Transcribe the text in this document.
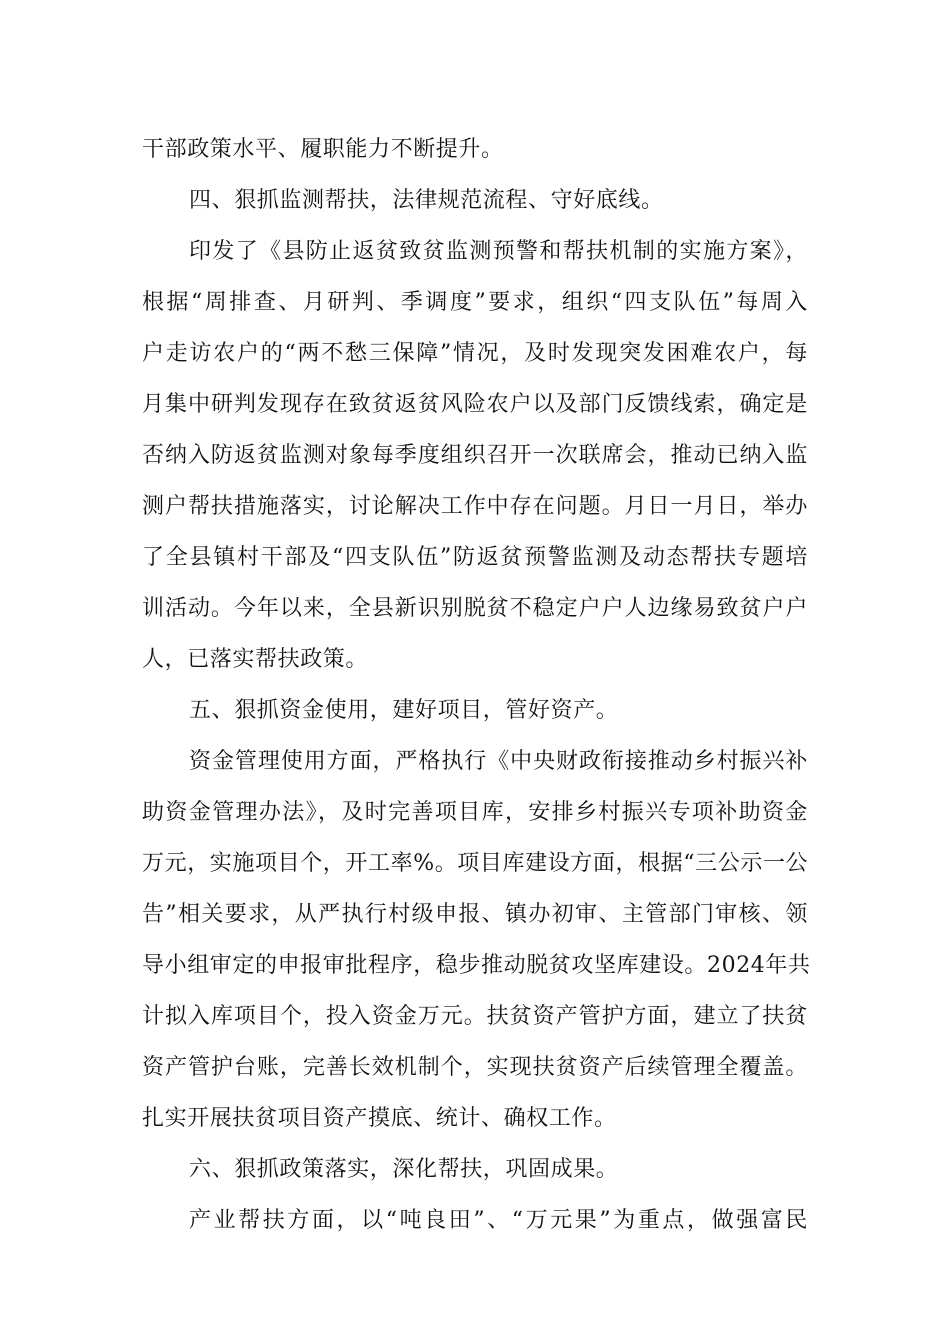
干部政策水平、履职能力不断提升。
四、狠抓监测帮扶，法律规范流程、守好底线。
印发了《县防止返贫致贫监测预警和帮扶机制的实施方案》，
根据“周排查、月研判、季调度”要求，组织“四支队伍”每周入
户走访农户的“两不愁三保障”情况，及时发现突发困难农户，每
月集中研判发现存在致贫返贫风险农户以及部门反馈线索，确定是
否纳入防返贫监测对象每季度组织召开一次联席会，推动已纳入监
测户帮扶措施落实，讨论解决工作中存在问题。月日一月日，举办
了全县镇村干部及“四支队伍”防返贫预警监测及动态帮扶专题培
训活动。今年以来，全县新识别脱贫不稳定户户人边缘易致贫户户
人，已落实帮扶政策。
五、狠抓资金使用，建好项目，管好资产。
资金管理使用方面，严格执行《中央财政衔接推动乡村振兴补
助资金管理办法》，及时完善项目库，安排乡村振兴专项补助资金
万元，实施项目个，开工率%。项目库建设方面，根据“三公示一公
告”相关要求，从严执行村级申报、镇办初审、主管部门审核、领
导小组审定的申报审批程序，稳步推动脱贫攻坚库建设。2024年共
计拟入库项目个，投入资金万元。扶贫资产管护方面，建立了扶贫
资产管护台账，完善长效机制个，实现扶贫资产后续管理全覆盖。
扎实开展扶贫项目资产摸底、统计、确权工作。
六、狠抓政策落实，深化帮扶，巩固成果。
产业帮扶方面，以“吨良田”、“万元果”为重点，做强富民
